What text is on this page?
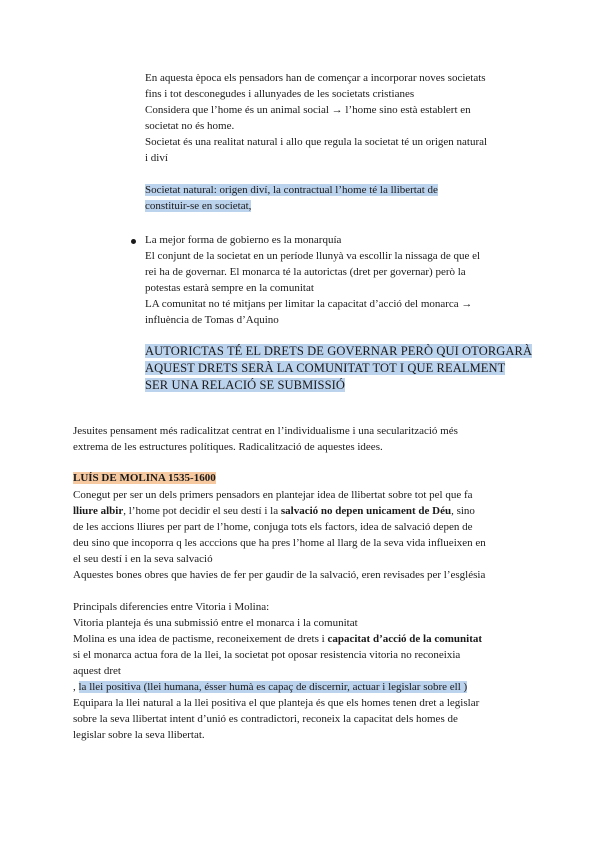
En aquesta època els pensadors han de començar a incorporar noves societats
fins i tot desconegudes i allunyades de les societats cristianes
Considera que l’home és un animal social → l’home sino està establert en
societat no és home.
Societat és una realitat natural i allo que regula la societat té un origen natural
i diví
Societat natural: origen diví, la contractual l’home té la llibertat de
constituir-se en societat,
La mejor forma de gobierno es la monarquía
El conjunt de la societat en un període llunyà va escollir la nissaga de que el
rei ha de governar. El monarca té la autorictas (dret per governar) però la
potestas estarà sempre en la comunitat
LA comunitat no té mitjans per limitar la capacitat d’acció del monarca →
influència de Tomas d’Aquino
AUTORICTAS TÉ EL DRETS DE GOVERNAR PERÒ QUI OTORGARÀ
AQUEST DRETS SERÀ LA COMUNITAT TOT I QUE REALMENT
SER UNA RELACIÓ SE SUBMISSIÓ
Jesuites pensament més radicalitzat centrat en l’individualisme i una secularització més
extrema de les estructures polítiques. Radicalització de aquestes idees.
LUÍS DE MOLINA 1535-1600
Conegut per ser un dels primers pensadors en plantejar idea de llibertat sobre tot pel que fa
lliure albir, l’home pot decidir el seu destí i la salvació no depen unicament de Déu, sino
de les accions lliures per part de l’home, conjuga tots els factors, idea de salvació depen de
deu sino que incoporra q les acccions que ha pres l’home al llarg de la seva vida influeixen en
el seu destí i en la seva salvació
Aquestes bones obres que havies de fer per gaudir de la salvació, eren revisades per l’església
Principals diferencies entre Vitoria i Molina:
Vitoria planteja és una submissió entre el monarca i la comunitat
Molina es una idea de pactisme, reconeixement de drets i capacitat d’acció de la comunitat
si el monarca actua fora de la llei, la societat pot oposar resistencia vitoria no reconeixia
aquest dret
, la llei positiva (llei humana, ésser humà es capaç de discernir, actuar i legislar sobre ell )
Equipara la llei natural a la llei positiva el que planteja és que els homes tenen dret a legislar
sobre la seva llibertat intent d’unió es contradictori, reconeix la capacitat dels homes de
legislar sobre la seva llibertat.
